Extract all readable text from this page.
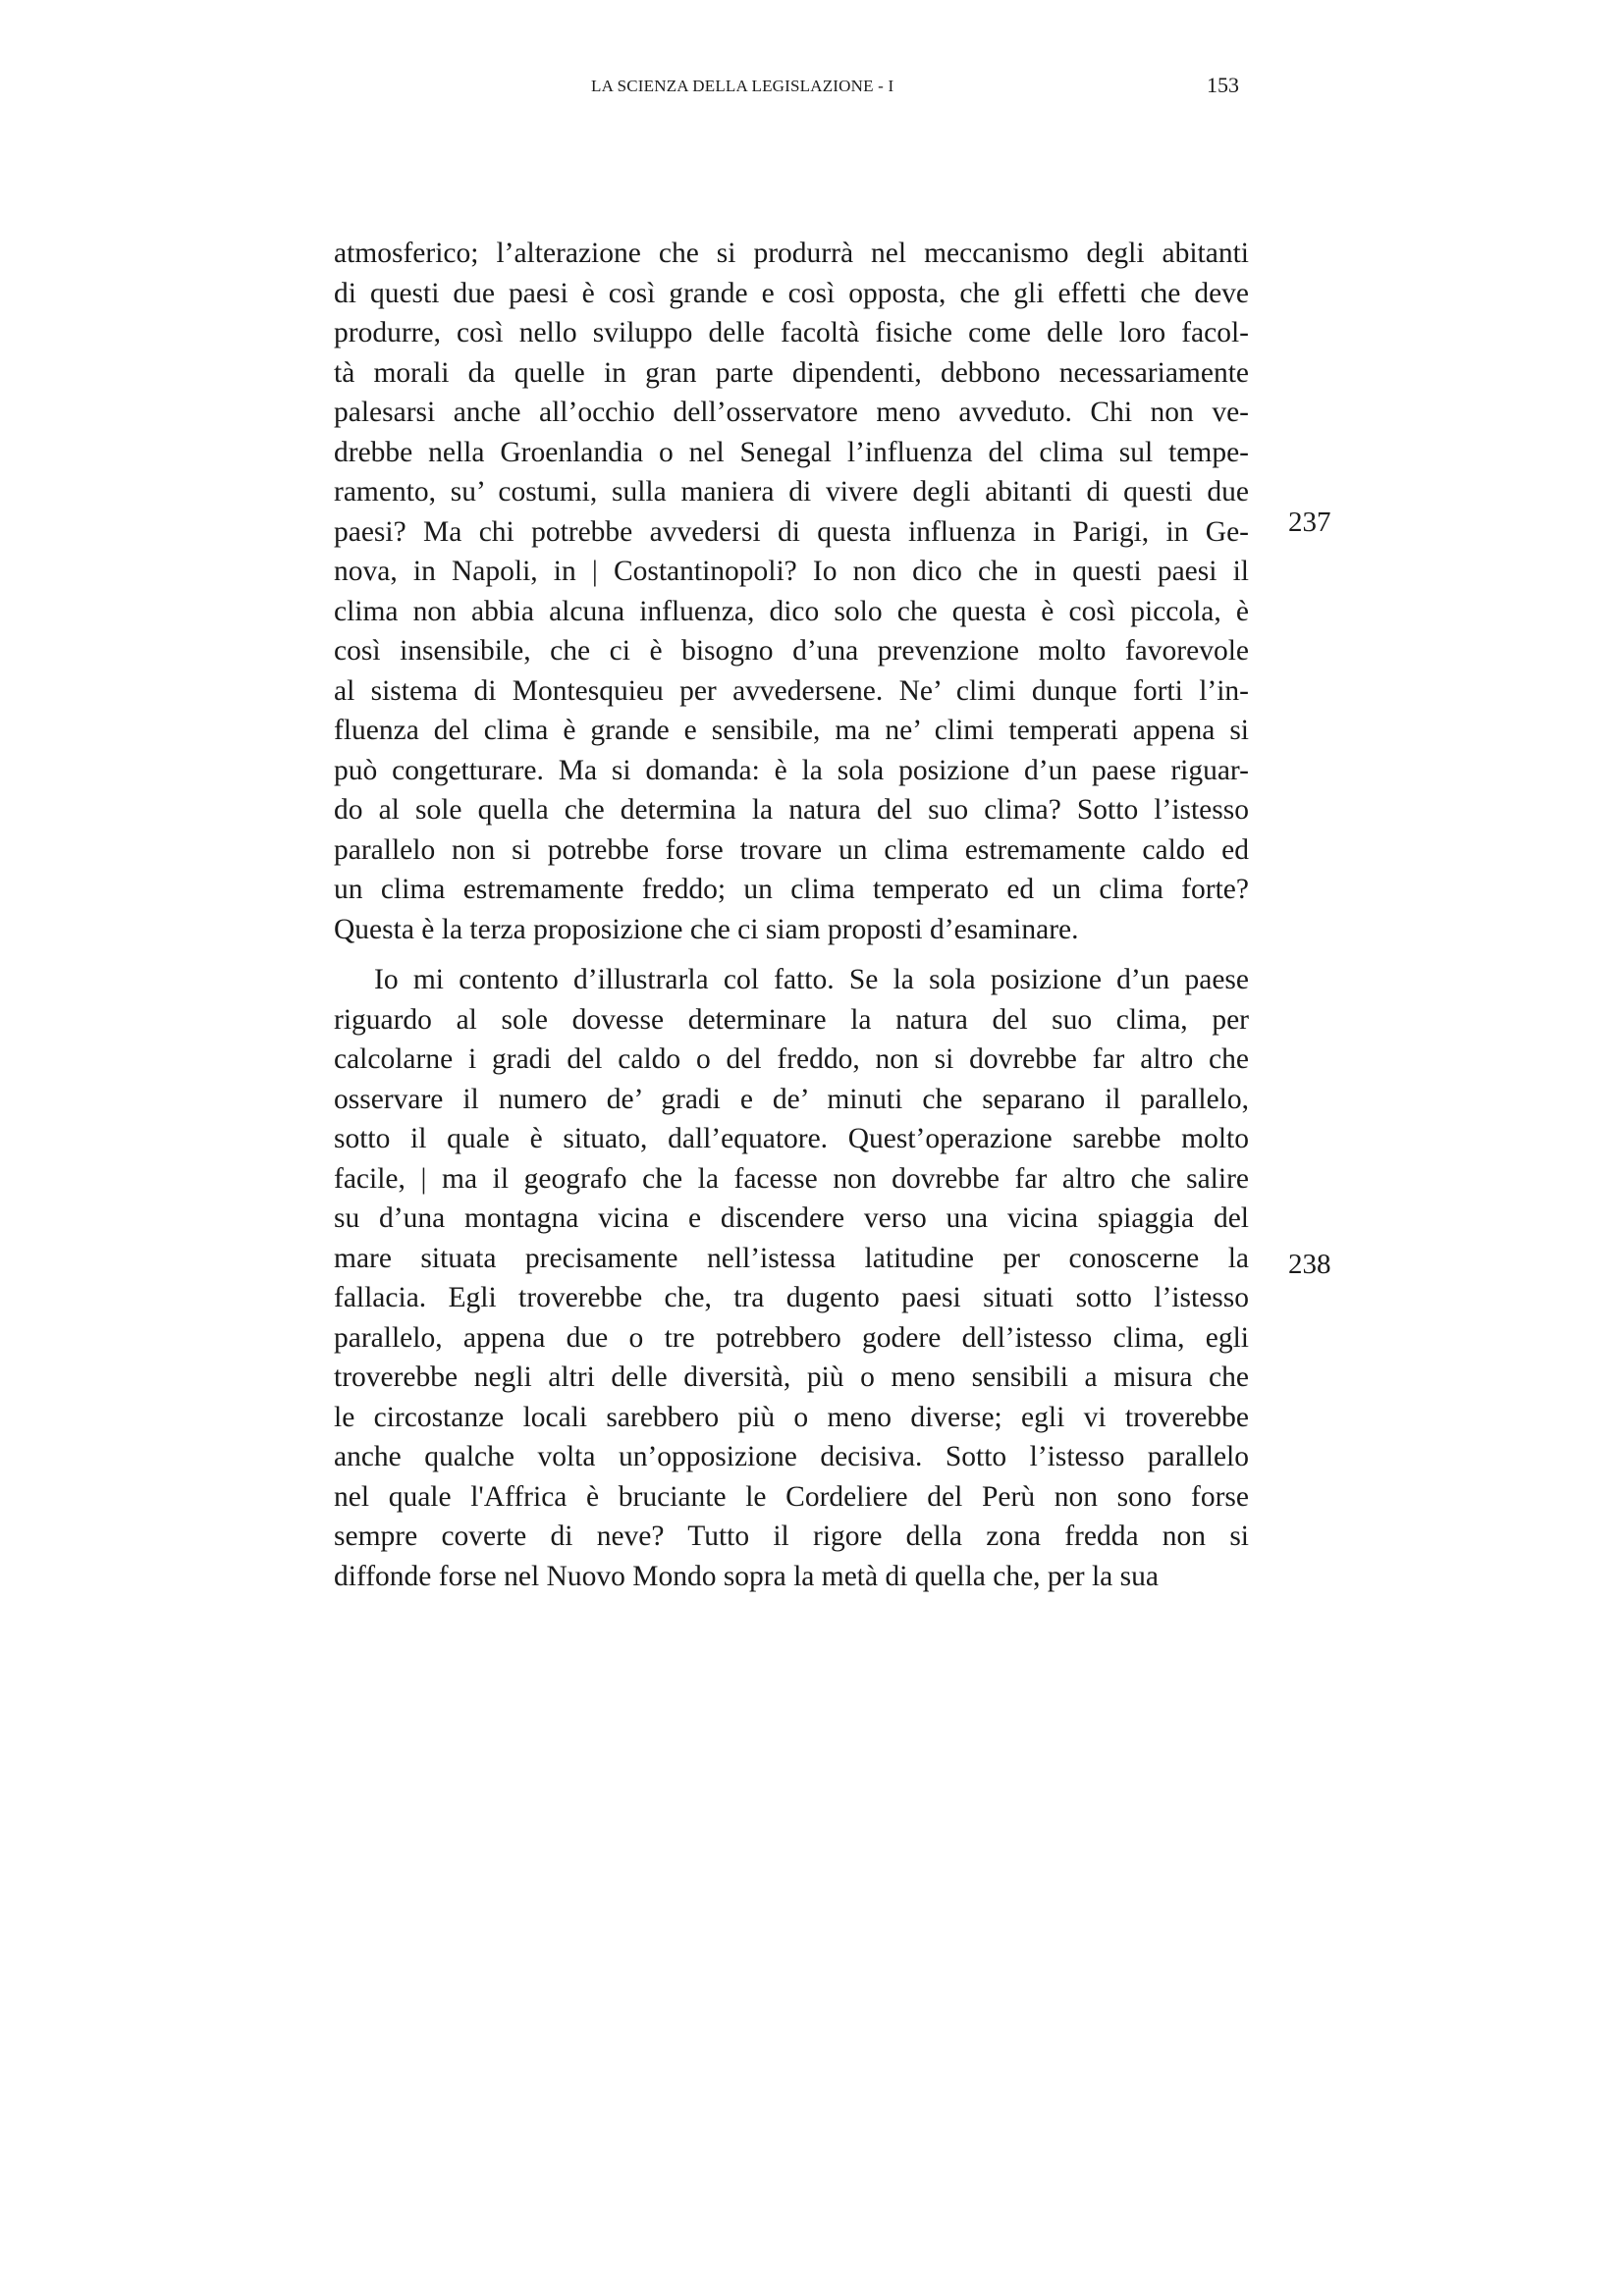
LA SCIENZA DELLA LEGISLAZIONE - I	153
atmosferico; l’alterazione che si produrrà nel meccanismo degli abitanti
di questi due paesi è così grande e così opposta, che gli effetti che deve
produrre, così nello sviluppo delle facoltà fisiche come delle loro facol-
tà morali da quelle in gran parte dipendenti, debbono necessariamente
palesarsi anche all’occhio dell’osservatore meno avveduto. Chi non ve-
drebbe nella Groenlandia o nel Senegal l’influenza del clima sul tempe-
ramento, su’ costumi, sulla maniera di vivere degli abitanti di questi due
paesi? Ma chi potrebbe avvedersi di questa influenza in Parigi, in Ge-
nova, in Napoli, in | Costantinopoli? Io non dico che in questi paesi il
clima non abbia alcuna influenza, dico solo che questa è così piccola, è
così insensibile, che ci è bisogno d’una prevenzione molto favorevole
al sistema di Montesquieu per avvedersene. Ne’ climi dunque forti l’in-
fluenza del clima è grande e sensibile, ma ne’ climi temperati appena si
può congetturare. Ma si domanda: è la sola posizione d’un paese riguar-
do al sole quella che determina la natura del suo clima? Sotto l’istesso
parallelo non si potrebbe forse trovare un clima estremamente caldo ed
un clima estremamente freddo; un clima temperato ed un clima forte?
Questa è la terza proposizione che ci siam proposti d’esaminare.
Io mi contento d’illustrarla col fatto. Se la sola posizione d’un paese
riguardo al sole dovesse determinare la natura del suo clima, per
calcolarne i gradi del caldo o del freddo, non si dovrebbe far altro che
osservare il numero de’ gradi e de’ minuti che separano il parallelo,
sotto il quale è situato, dall’equatore. Quest’operazione sarebbe molto
facile, | ma il geografo che la facesse non dovrebbe far altro che salire
su d’una montagna vicina e discendere verso una vicina spiaggia del
mare situata precisamente nell’istessa latitudine per conoscerne la
fallacia. Egli troverebbe che, tra dugento paesi situati sotto l’istesso
parallelo, appena due o tre potrebbero godere dell’istesso clima, egli
troverebbe negli altri delle diversità, più o meno sensibili a misura che
le circostanze locali sarebbero più o meno diverse; egli vi troverebbe
anche qualche volta un’opposizione decisiva. Sotto l’istesso parallelo
nel quale l'Affrica è bruciante le Cordeliere del Perù non sono forse
sempre coverte di neve? Tutto il rigore della zona fredda non si
diffonde forse nel Nuovo Mondo sopra la metà di quella che, per la sua
237
238
